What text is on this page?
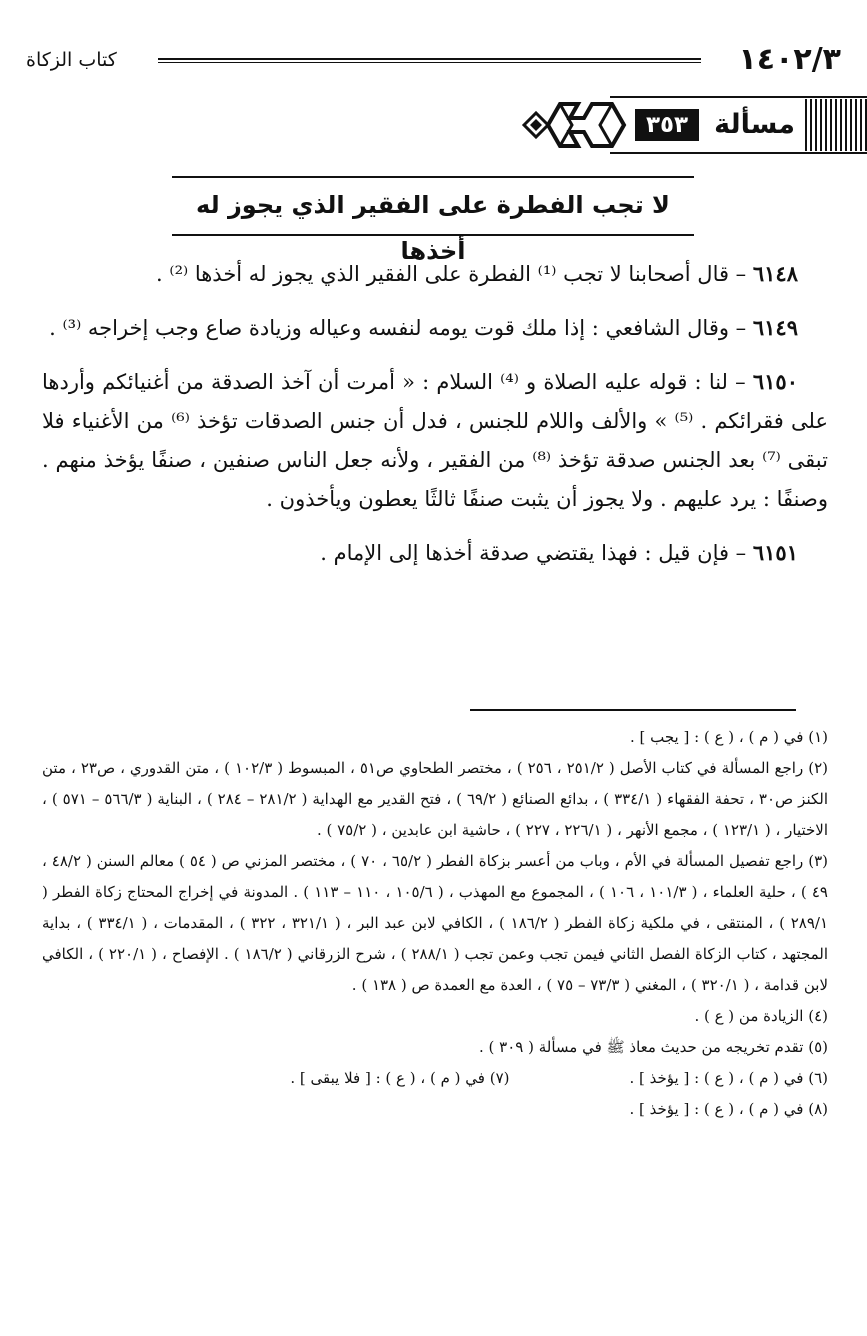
١٤٠٢/٣
كتاب الزكاة
مسألة
٣٥٣
لا تجب الفطرة على الفقير الذي يجوز له أخذها

٦١٤٨ – قال أصحابنا لا تجب ⁽¹⁾ الفطرة على الفقير الذي يجوز له أخذها ⁽²⁾ .

٦١٤٩ – وقال الشافعي : إذا ملك قوت يومه لنفسه وعياله وزيادة صاع وجب إخراجه ⁽³⁾ .

٦١٥٠ – لنا : قوله عليه الصلاة و ⁽⁴⁾ السلام : « أمرت أن آخذ الصدقة من أغنيائكم وأردها على فقرائكم . ⁽⁵⁾ » والألف واللام للجنس ، فدل أن جنس الصدقات تؤخذ ⁽⁶⁾ من الأغنياء فلا تبقى ⁽⁷⁾ بعد الجنس صدقة تؤخذ ⁽⁸⁾ من الفقير ، ولأنه جعل الناس صنفين ، صنفًا يؤخذ منهم . وصنفًا : يرد عليهم . ولا يجوز أن يثبت صنفًا ثالثًا يعطون ويأخذون .

٦١٥١ – فإن قيل : فهذا يقتضي صدقة أخذها إلى الإمام .

(١) في ( م ) ، ( ع ) : [ يجب ] .

(٢) راجع المسألة في كتاب الأصل ( ٢٥١/٢ ، ٢٥٦ ) ، مختصر الطحاوي ص٥١ ، المبسوط ( ١٠٢/٣ ) ، متن القدوري ، ص٢٣ ، متن الكنز ص٣٠ ، تحفة الفقهاء ( ٣٣٤/١ ) ، بدائع الصنائع ( ٦٩/٢ ) ، فتح القدير مع الهداية ( ٢٨١/٢ – ٢٨٤ ) ، البناية ( ٥٦٦/٣ – ٥٧١ ) ، الاختيار ، ( ١٢٣/١ ) ، مجمع الأنهر ، ( ٢٢٦/١ ، ٢٢٧ ) ، حاشية ابن عابدين ، ( ٧٥/٢ ) .

(٣) راجع تفصيل المسألة في الأم ، وباب من أعسر بزكاة الفطر ( ٦٥/٢ ، ٧٠ ) ، مختصر المزني ص ( ٥٤ ) معالم السنن ( ٤٨/٢ ، ٤٩ ) ، حلية العلماء ، ( ١٠١/٣ ، ١٠٦ ) ، المجموع مع المهذب ، ( ١٠٥/٦ ، ١١٠ – ١١٣ ) . المدونة في إخراج المحتاج زكاة الفطر ( ٢٨٩/١ ) ، المنتقى ، في ملكية زكاة الفطر ( ١٨٦/٢ ) ، الكافي لابن عبد البر ، ( ٣٢١/١ ، ٣٢٢ ) ، المقدمات ، ( ٣٣٤/١ ) ، بداية المجتهد ، كتاب الزكاة الفصل الثاني فيمن تجب وعمن تجب ( ٢٨٨/١ ) ، شرح الزرقاني ( ١٨٦/٢ ) . الإفصاح ، ( ٢٢٠/١ ) ، الكافي لابن قدامة ، ( ٣٢٠/١ ) ، المغني ( ٧٣/٣ – ٧٥ ) ، العدة مع العمدة ص ( ١٣٨ ) .

(٤) الزيادة من ( ع ) .

(٥) تقدم تخريجه من حديث معاذ ﷺ في مسألة ( ٣٠٩ ) .

(٦) في ( م ) ، ( ع ) : [ يؤخذ ] .

(٧) في ( م ) ، ( ع ) : [ فلا يبقى ] .

(٨) في ( م ) ، ( ع ) : [ يؤخذ ] .
